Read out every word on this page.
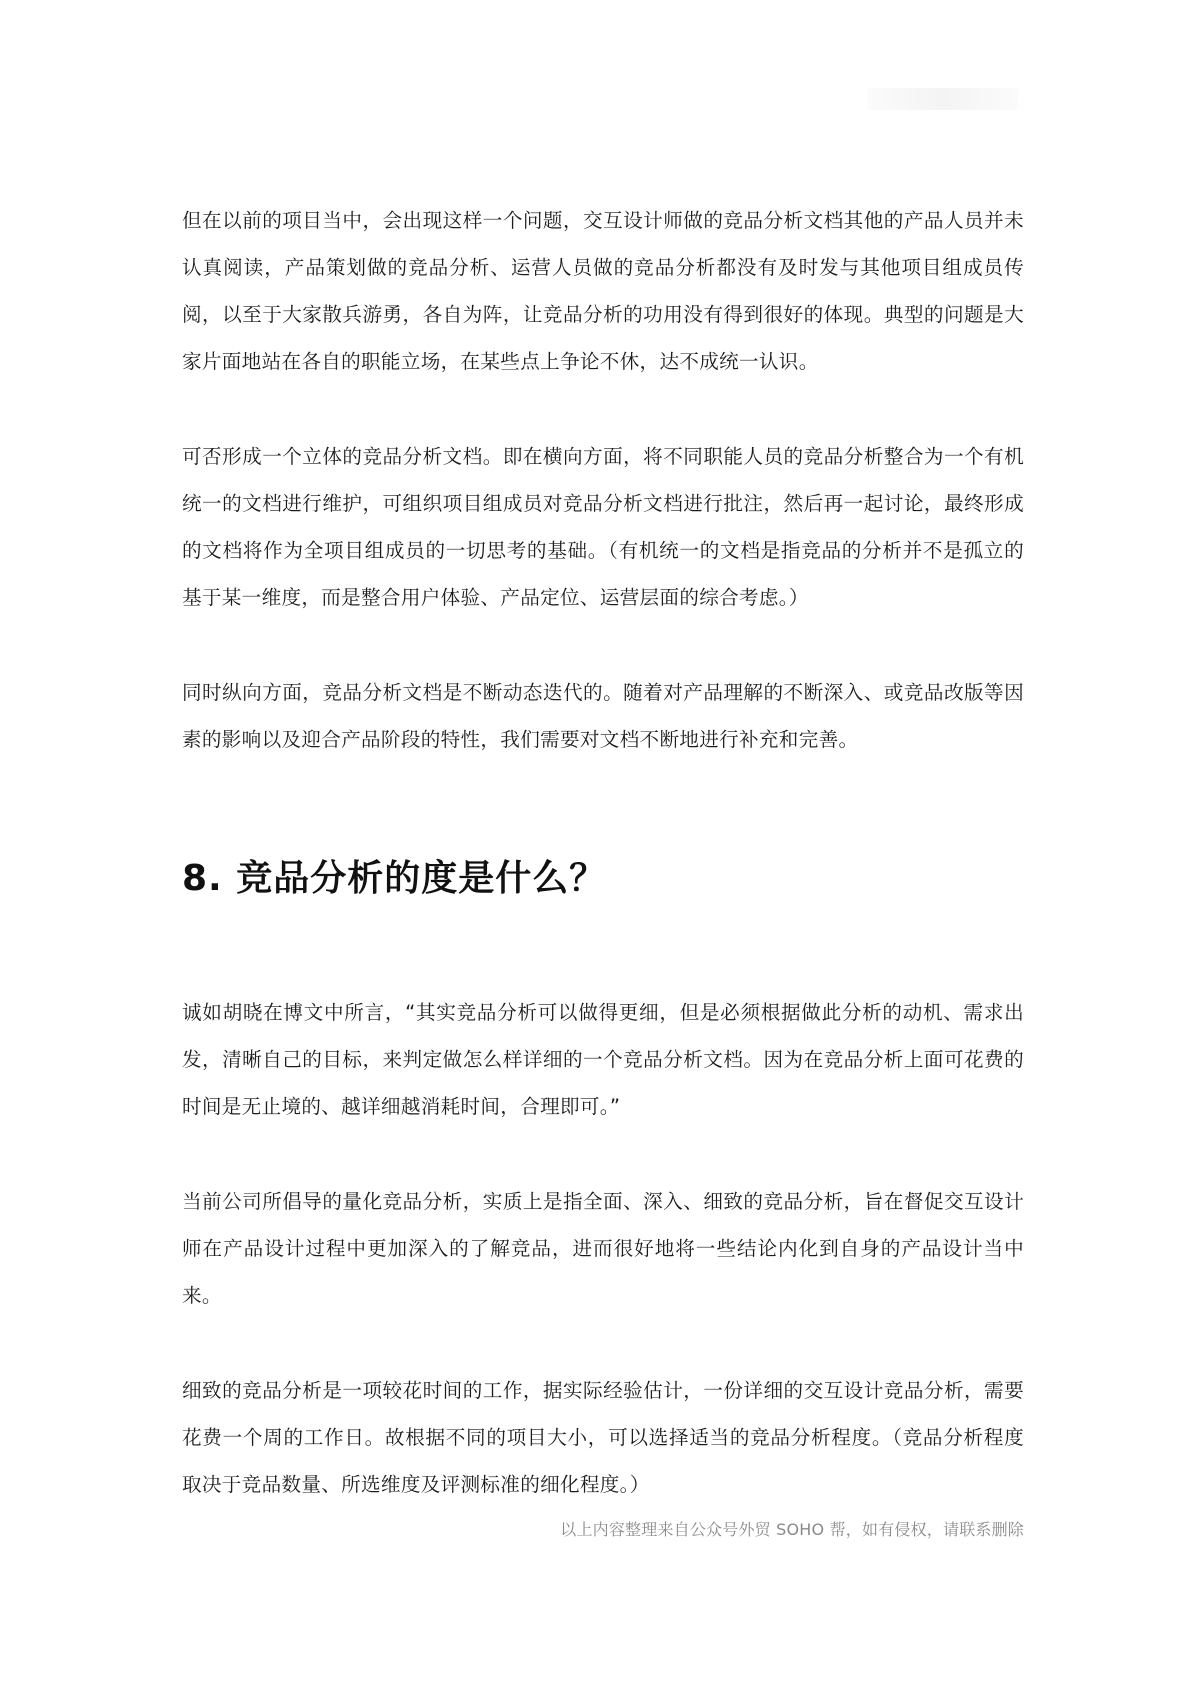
但在以前的项目当中，会出现这样一个问题，交互设计师做的竞品分析文档其他的产品人员并未认真阅读，产品策划做的竞品分析、运营人员做的竞品分析都没有及时发与其他项目组成员传阅，以至于大家散兵游勇，各自为阵，让竞品分析的功用没有得到很好的体现。典型的问题是大家片面地站在各自的职能立场，在某些点上争论不休，达不成统一认识。

可否形成一个立体的竞品分析文档。即在横向方面，将不同职能人员的竞品分析整合为一个有机统一的文档进行维护，可组织项目组成员对竞品分析文档进行批注，然后再一起讨论，最终形成的文档将作为全项目组成员的一切思考的基础。（有机统一的文档是指竞品的分析并不是孤立的基于某一维度，而是整合用户体验、产品定位、运营层面的综合考虑。）

同时纵向方面，竞品分析文档是不断动态迭代的。随着对产品理解的不断深入、或竞品改版等因素的影响以及迎合产品阶段的特性，我们需要对文档不断地进行补充和完善。

8. 竞品分析的度是什么？

诚如胡晓在博文中所言，“其实竞品分析可以做得更细，但是必须根据做此分析的动机、需求出发，清晰自己的目标，来判定做怎么样详细的一个竞品分析文档。因为在竞品分析上面可花费的时间是无止境的、越详细越消耗时间，合理即可。”

当前公司所倡导的量化竞品分析，实质上是指全面、深入、细致的竞品分析，旨在督促交互设计师在产品设计过程中更加深入的了解竞品，进而很好地将一些结论内化到自身的产品设计当中来。

细致的竞品分析是一项较花时间的工作，据实际经验估计，一份详细的交互设计竞品分析，需要花费一个周的工作日。故根据不同的项目大小，可以选择适当的竞品分析程度。（竞品分析程度取决于竞品数量、所选维度及评测标准的细化程度。）

以上内容整理来自公众号外贸 SOHO 帮，如有侵权，请联系删除
